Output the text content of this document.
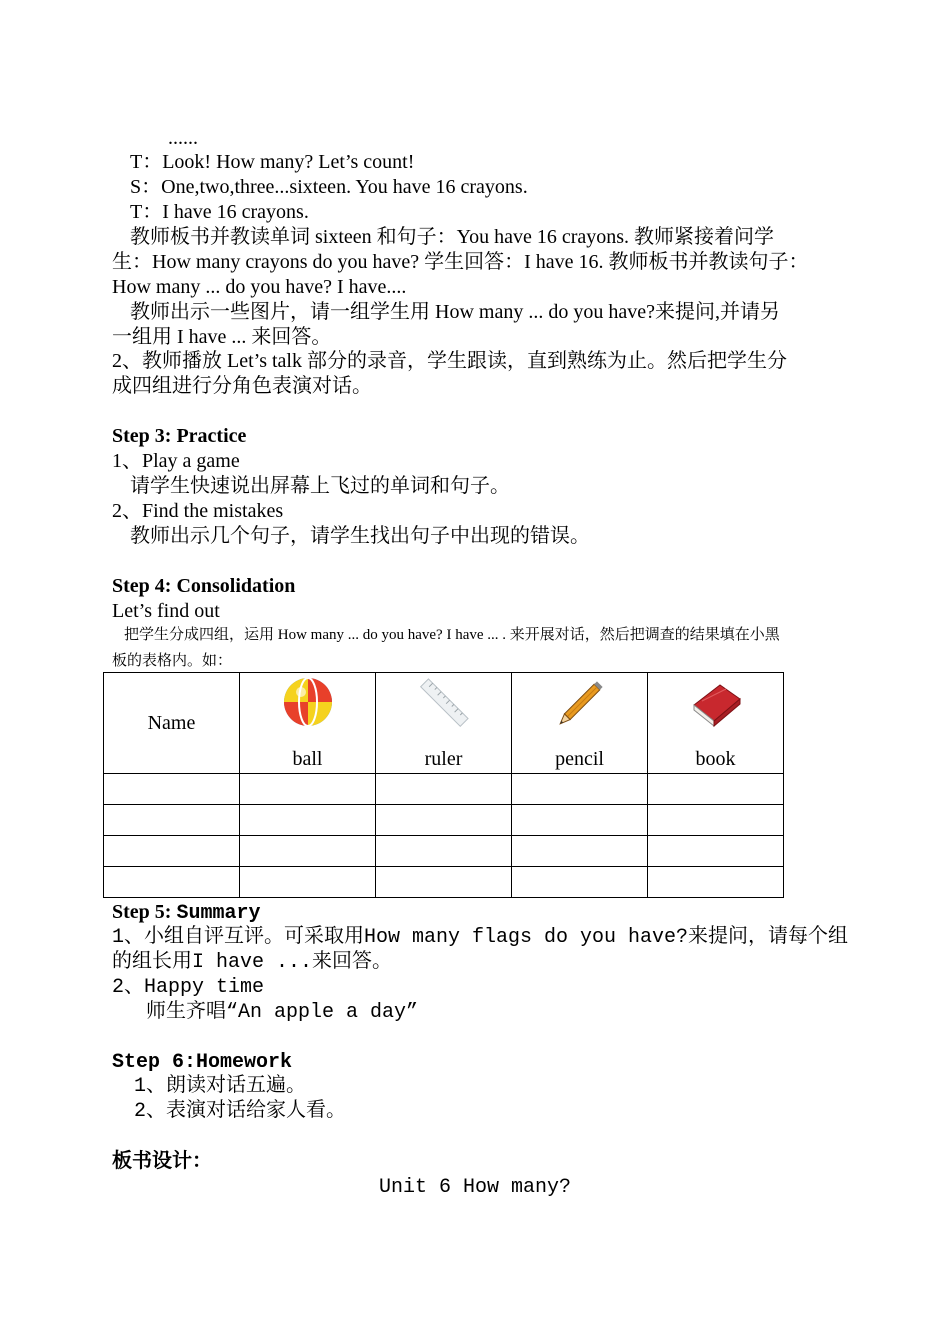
......
T：Look! How many? Let’s count!
S：One,two,three...sixteen. You have 16 crayons.
T：I have 16 crayons.
教师板书并教读单词 sixteen 和句子：You have 16 crayons. 教师紧接着问学
生：How many crayons do you have? 学生回答：I have 16. 教师板书并教读句子：
How many ... do you have? I have....
教师出示一些图片，请一组学生用 How many ... do you have?来提问,并请另
一组用 I have ... 来回答。
2、教师播放 Let’s talk 部分的录音，学生跟读，直到熟练为止。然后把学生分
成四组进行分角色表演对话。
Step 3: Practice
1、Play a game
请学生快速说出屏幕上飞过的单词和句子。
2、Find the mistakes
教师出示几个句子，请学生找出句子中出现的错误。
Step 4: Consolidation
Let’s find out
把学生分成四组，运用 How many ... do you have? I have ... . 来开展对话，然后把调查的结果填在小黑
板的表格内。如：
Name	ball	ruler	pencil	book

Step 5: Summary
1、小组自评互评。可采取用How many flags do you have?来提问，请每个组
的组长用I have ...来回答。
2、Happy time
师生齐唱“An apple a day”
Step 6:Homework
1、朗读对话五遍。
2、表演对话给家人看。
板书设计：
Unit 6 How many?
